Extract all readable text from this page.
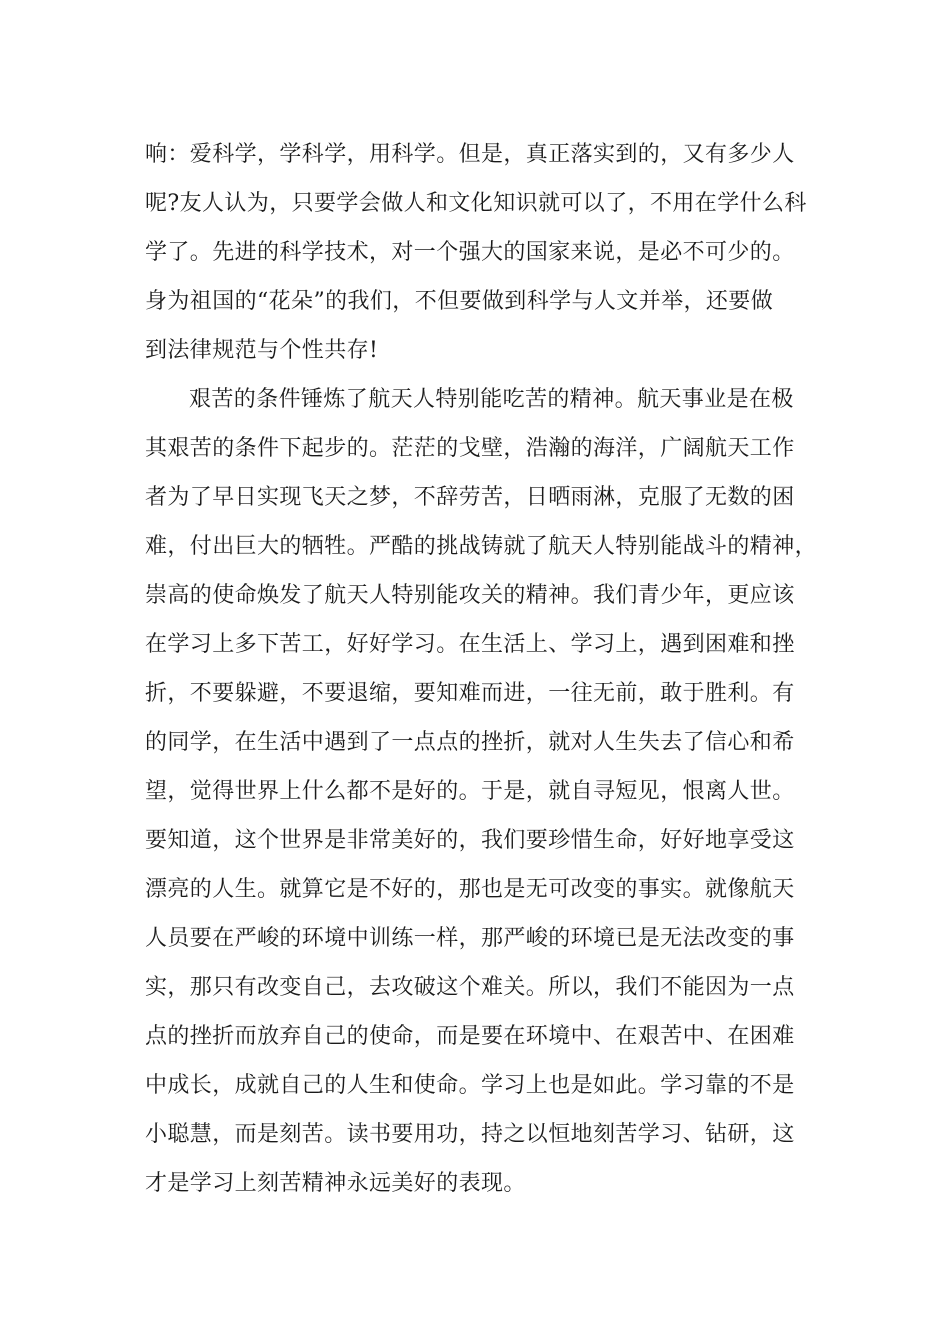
响：爱科学，学科学，用科学。但是，真正落实到的，又有多少人
呢?友人认为，只要学会做人和文化知识就可以了，不用在学什么科
学了。先进的科学技术，对一个强大的国家来说，是必不可少的。
身为祖国的“花朵”的我们，不但要做到科学与人文并举，还要做
到法律规范与个性共存!
艰苦的条件锤炼了航天人特别能吃苦的精神。航天事业是在极
其艰苦的条件下起步的。茫茫的戈壁，浩瀚的海洋，广阔航天工作
者为了早日实现飞天之梦，不辞劳苦，日晒雨淋，克服了无数的困
难，付出巨大的牺牲。严酷的挑战铸就了航天人特别能战斗的精神，
崇高的使命焕发了航天人特别能攻关的精神。我们青少年，更应该
在学习上多下苦工，好好学习。在生活上、学习上，遇到困难和挫
折，不要躲避，不要退缩，要知难而进，一往无前，敢于胜利。有
的同学，在生活中遇到了一点点的挫折，就对人生失去了信心和希
望，觉得世界上什么都不是好的。于是，就自寻短见，恨离人世。
要知道，这个世界是非常美好的，我们要珍惜生命，好好地享受这
漂亮的人生。就算它是不好的，那也是无可改变的事实。就像航天
人员要在严峻的环境中训练一样，那严峻的环境已是无法改变的事
实，那只有改变自己，去攻破这个难关。所以，我们不能因为一点
点的挫折而放弃自己的使命，而是要在环境中、在艰苦中、在困难
中成长，成就自己的人生和使命。学习上也是如此。学习靠的不是
小聪慧，而是刻苦。读书要用功，持之以恒地刻苦学习、钻研，这
才是学习上刻苦精神永远美好的表现。
